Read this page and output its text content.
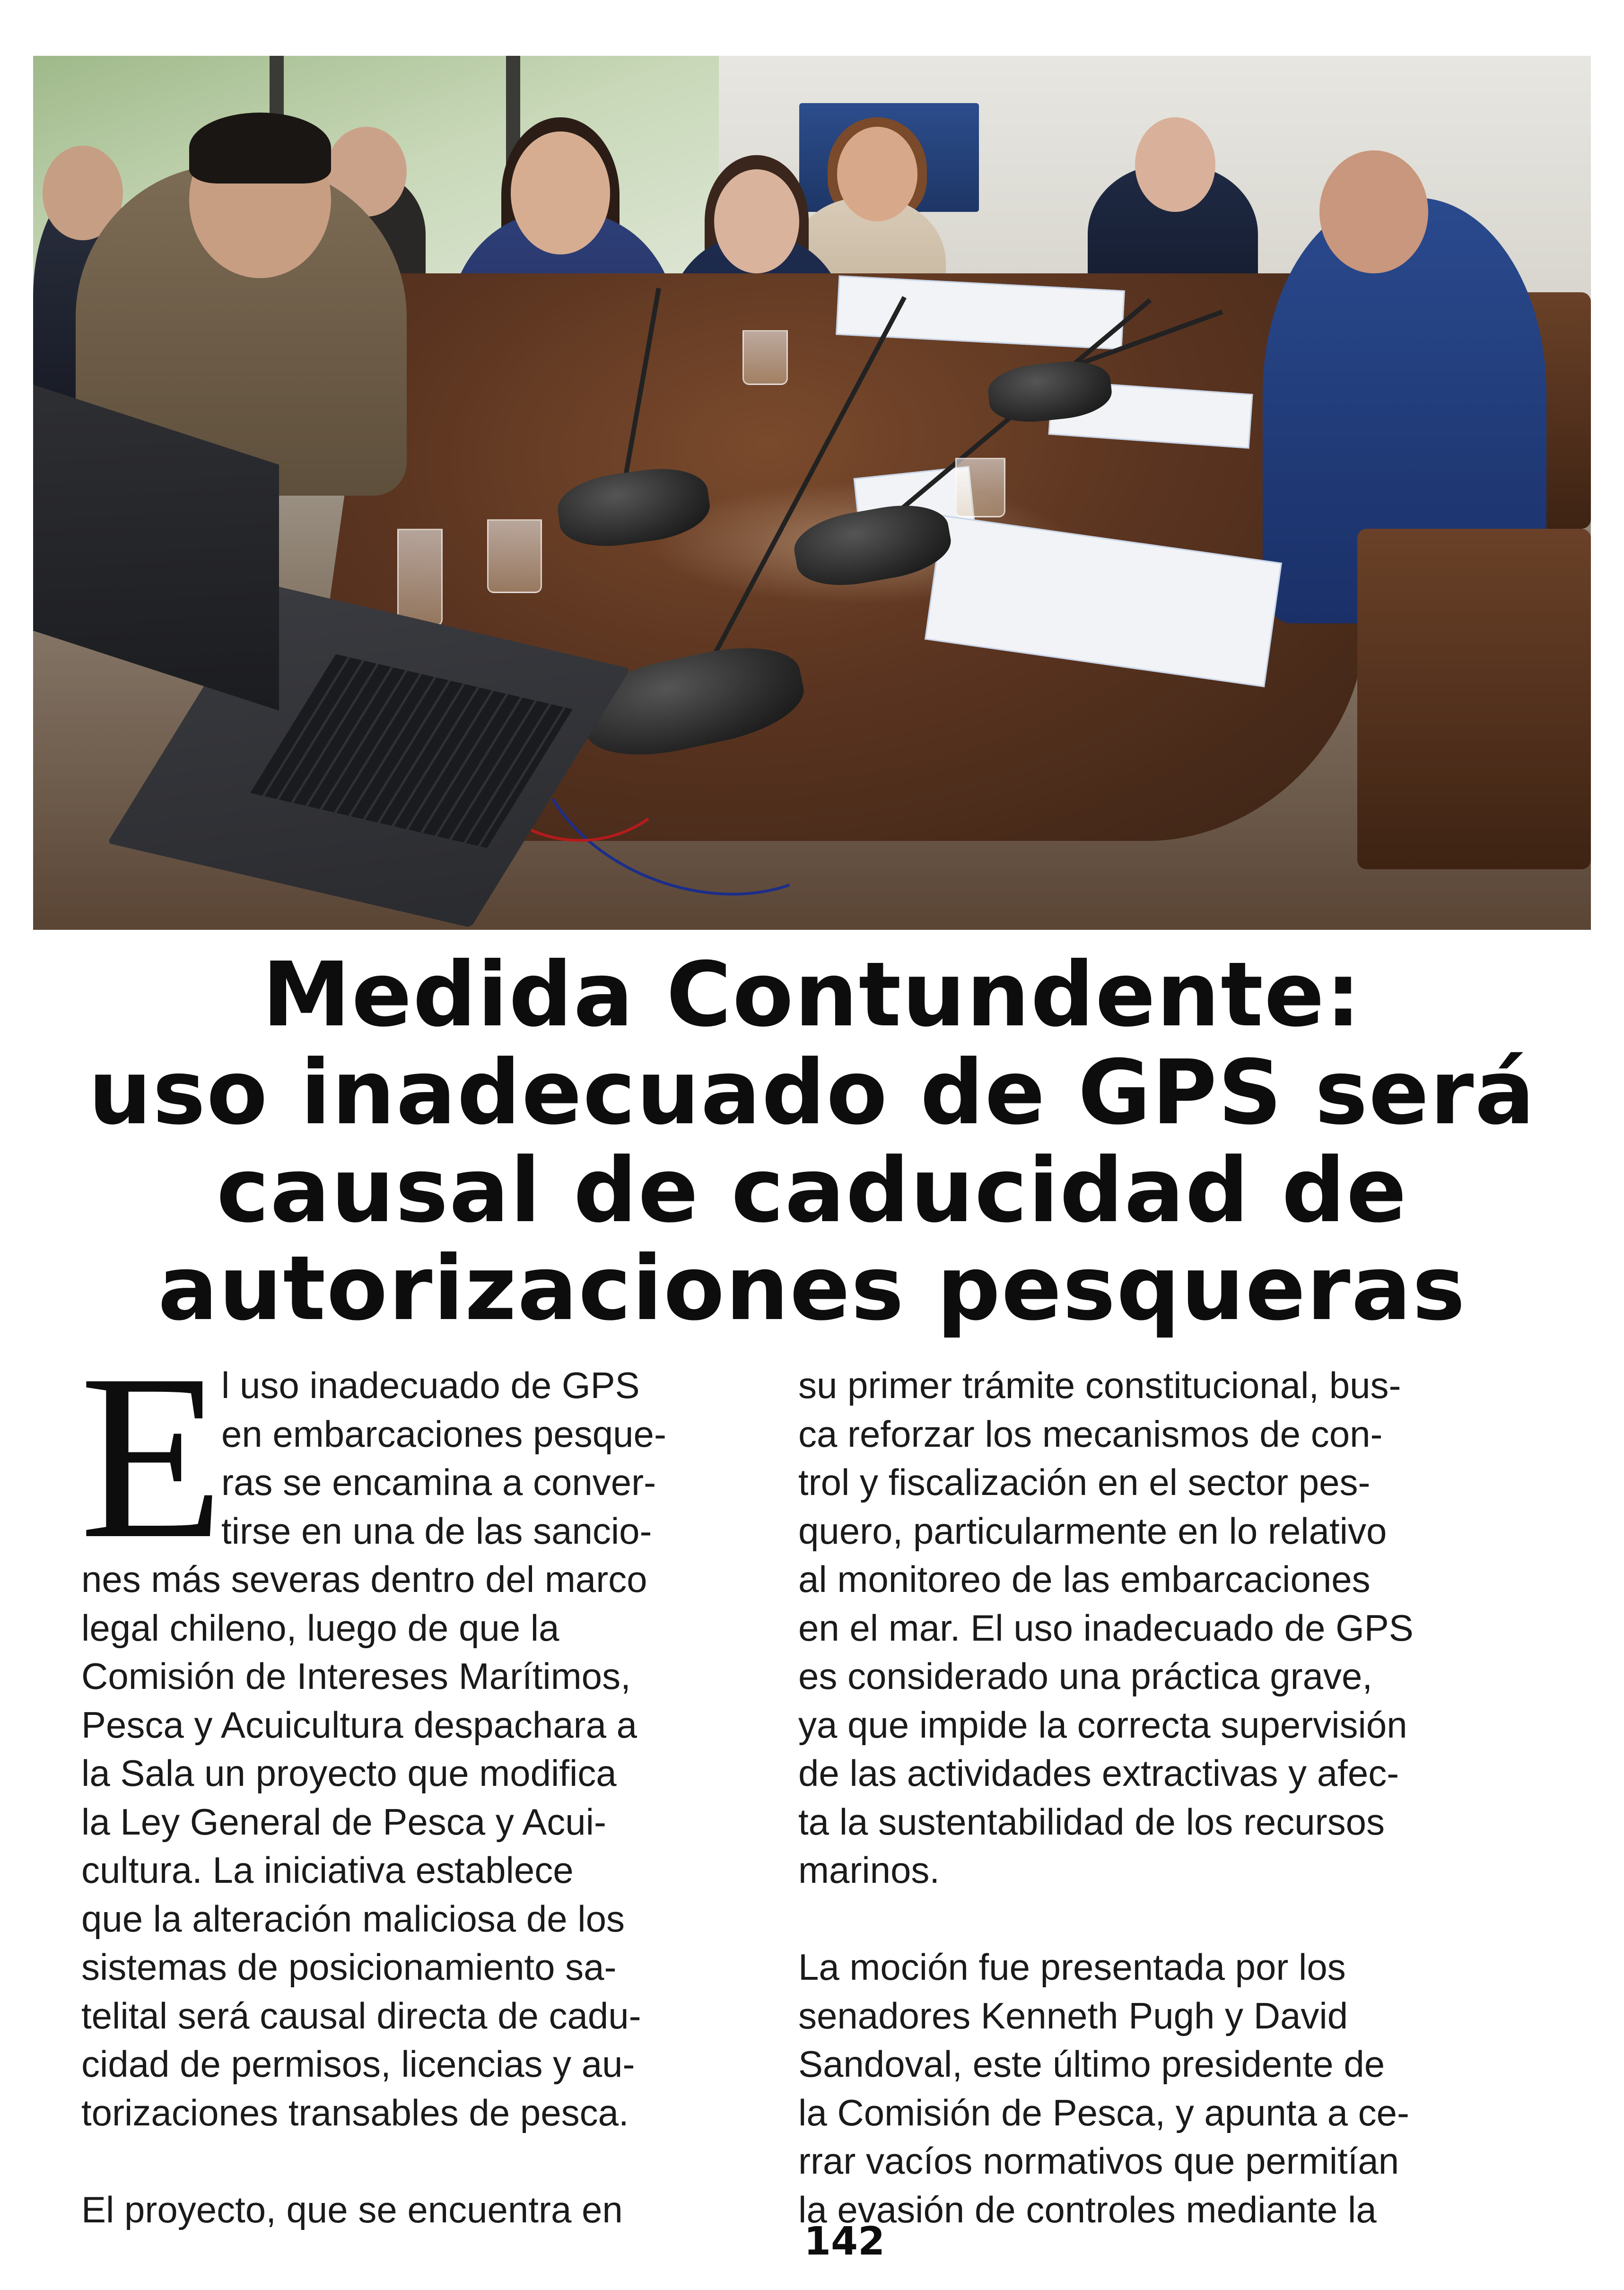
Medida Contundente:
uso inadecuado de GPS será
causal de caducidad de
autorizaciones pesqueras
E
l uso inadecuado de GPS
en embarcaciones pesque-
ras se encamina a conver-
tirse en una de las sancio-
nes más severas dentro del marco
legal chileno, luego de que la
Comisión de Intereses Marítimos,
Pesca y Acuicultura despachara a
la Sala un proyecto que modifica
la Ley General de Pesca y Acui-
cultura. La iniciativa establece
que la alteración maliciosa de los
sistemas de posicionamiento sa-
telital será causal directa de cadu-
cidad de permisos, licencias y au-
torizaciones transables de pesca.
El proyecto, que se encuentra en
su primer trámite constitucional, bus-
ca reforzar los mecanismos de con-
trol y fiscalización en el sector pes-
quero, particularmente en lo relativo
al monitoreo de las embarcaciones
en el mar. El uso inadecuado de GPS
es considerado una práctica grave,
ya que impide la correcta supervisión
de las actividades extractivas y afec-
ta la sustentabilidad de los recursos
marinos.
La moción fue presentada por los
senadores Kenneth Pugh y David
Sandoval, este último presidente de
la Comisión de Pesca, y apunta a ce-
rrar vacíos normativos que permitían
la evasión de controles mediante la
142
